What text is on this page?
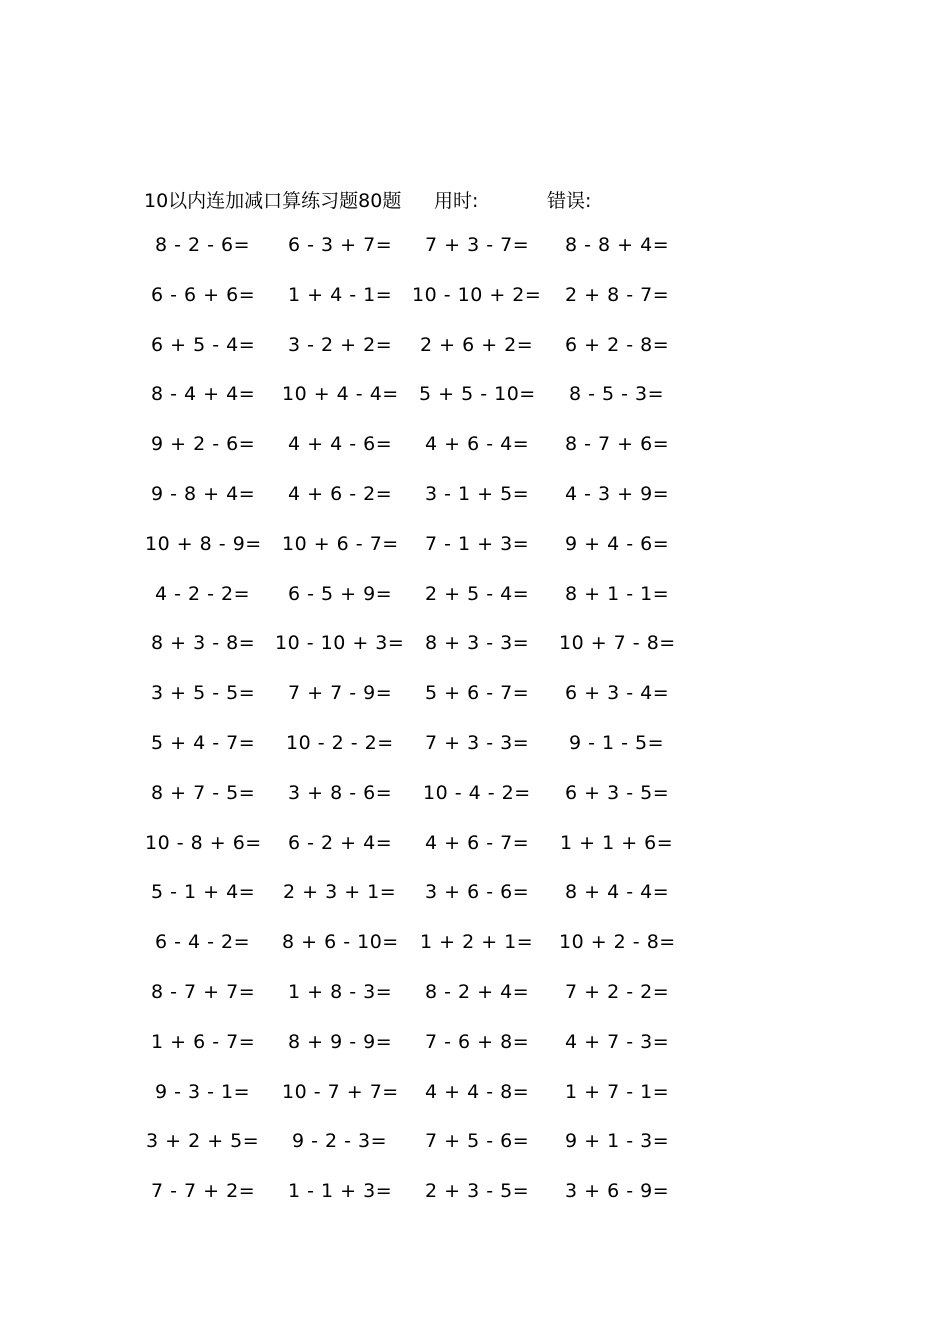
10以内连加减口算练习题80题 用时:	错误:
8 - 2 - 6= 6 - 3 + 7= 7 + 3 - 7= 8 - 8 + 4=
6 - 6 + 6= 1 + 4 - 1= 10 - 10 + 2= 2 + 8 - 7=
6 + 5 - 4= 3 - 2 + 2= 2 + 6 + 2= 6 + 2 - 8=
8 - 4 + 4= 10 + 4 - 4= 5 + 5 - 10= 8 - 5 - 3=
9 + 2 - 6= 4 + 4 - 6= 4 + 6 - 4= 8 - 7 + 6=
9 - 8 + 4= 4 + 6 - 2= 3 - 1 + 5= 4 - 3 + 9=
10 + 8 - 9= 10 + 6 - 7= 7 - 1 + 3= 9 + 4 - 6=
4 - 2 - 2= 6 - 5 + 9= 2 + 5 - 4= 8 + 1 - 1=
8 + 3 - 8= 10 - 10 + 3= 8 + 3 - 3= 10 + 7 - 8=
3 + 5 - 5= 7 + 7 - 9= 5 + 6 - 7= 6 + 3 - 4=
5 + 4 - 7= 10 - 2 - 2= 7 + 3 - 3= 9 - 1 - 5=
8 + 7 - 5= 3 + 8 - 6= 10 - 4 - 2= 6 + 3 - 5=
10 - 8 + 6= 6 - 2 + 4= 4 + 6 - 7= 1 + 1 + 6=
5 - 1 + 4= 2 + 3 + 1= 3 + 6 - 6= 8 + 4 - 4=
6 - 4 - 2= 8 + 6 - 10= 1 + 2 + 1= 10 + 2 - 8=
8 - 7 + 7= 1 + 8 - 3= 8 - 2 + 4= 7 + 2 - 2=
1 + 6 - 7= 8 + 9 - 9= 7 - 6 + 8= 4 + 7 - 3=
9 - 3 - 1= 10 - 7 + 7= 4 + 4 - 8= 1 + 7 - 1=
3 + 2 + 5= 9 - 2 - 3= 7 + 5 - 6= 9 + 1 - 3=
7 - 7 + 2= 1 - 1 + 3= 2 + 3 - 5= 3 + 6 - 9=
